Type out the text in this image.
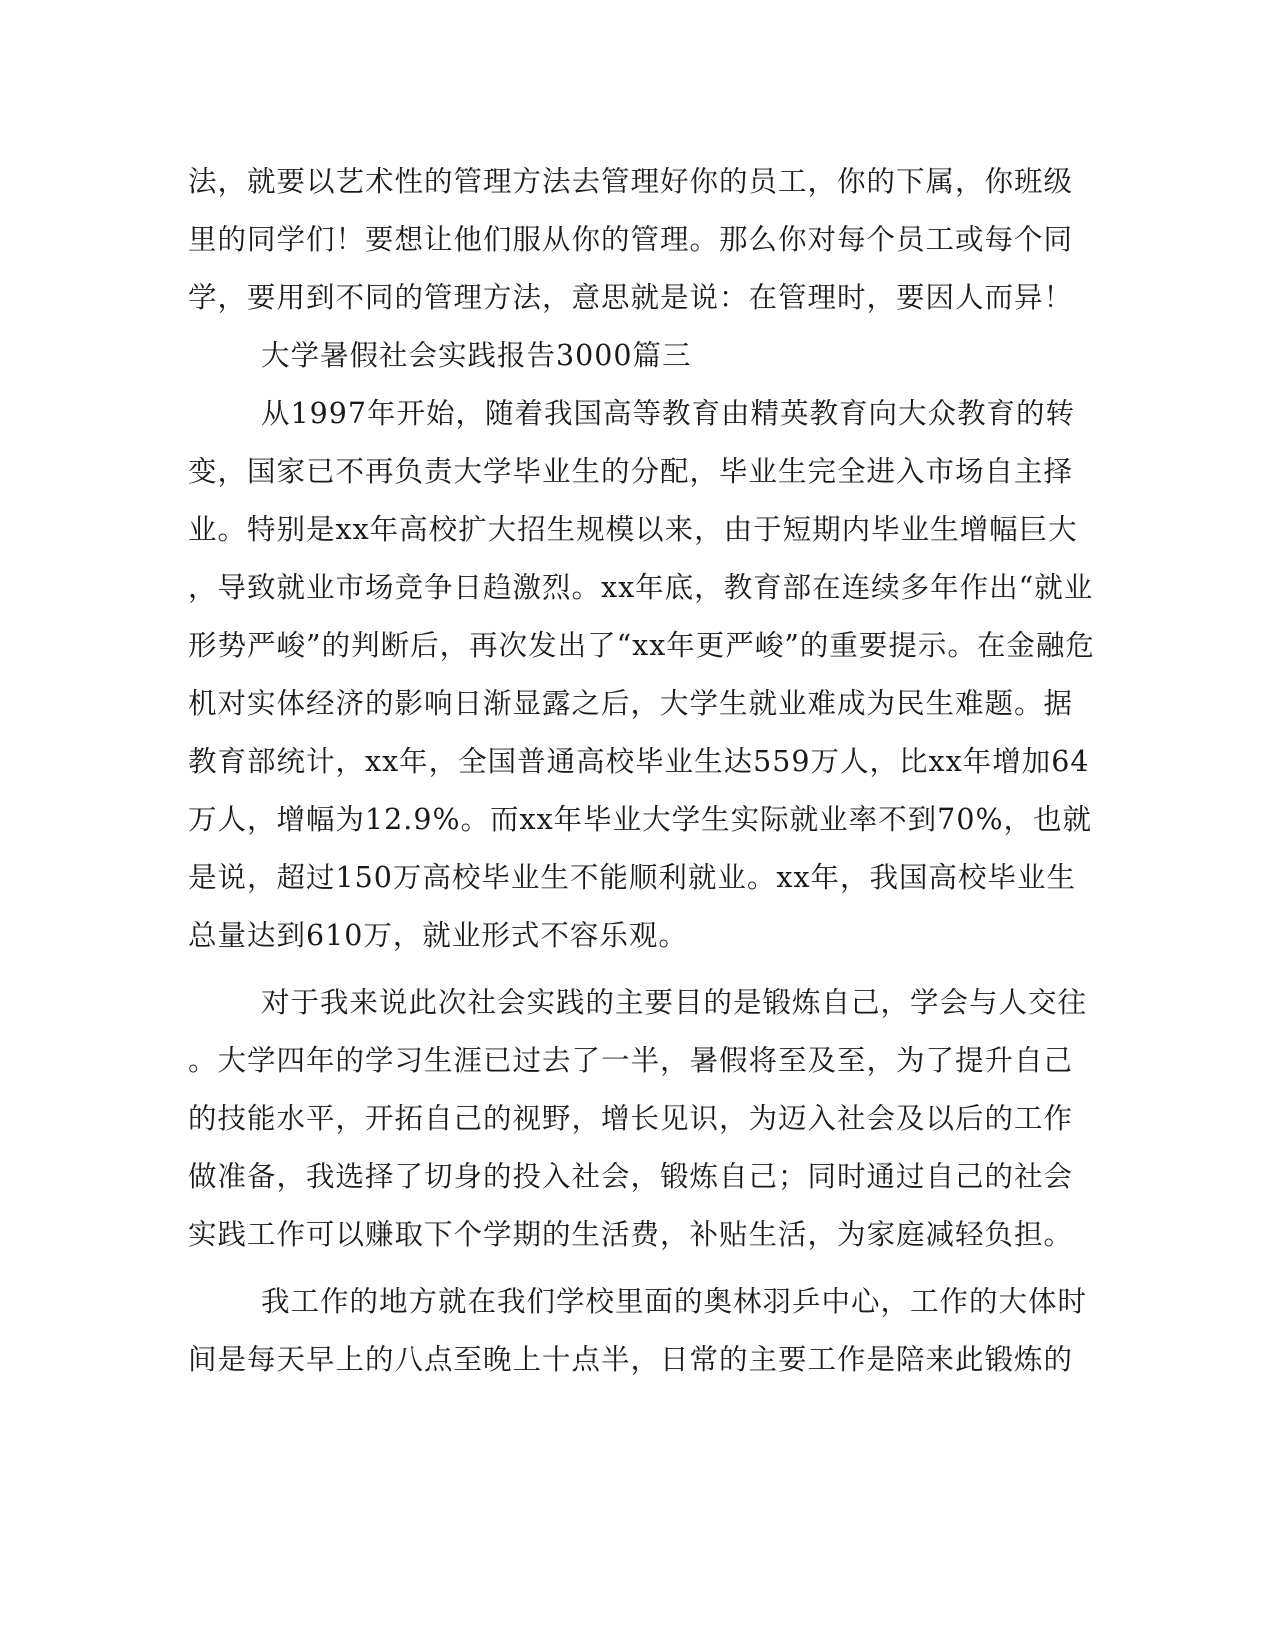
法，就要以艺术性的管理方法去管理好你的员工，你的下属，你班级
里的同学们！要想让他们服从你的管理。那么你对每个员工或每个同
学，要用到不同的管理方法，意思就是说：在管理时，要因人而异！
大学暑假社会实践报告3000篇三
从1997年开始，随着我国高等教育由精英教育向大众教育的转
变，国家已不再负责大学毕业生的分配，毕业生完全进入市场自主择
业。特别是xx年高校扩大招生规模以来，由于短期内毕业生增幅巨大
，导致就业市场竞争日趋激烈。xx年底，教育部在连续多年作出“就业
形势严峻”的判断后，再次发出了“xx年更严峻”的重要提示。在金融危
机对实体经济的影响日渐显露之后，大学生就业难成为民生难题。据
教育部统计，xx年，全国普通高校毕业生达559万人，比xx年增加64
万人，增幅为12.9%。而xx年毕业大学生实际就业率不到70%，也就
是说，超过150万高校毕业生不能顺利就业。xx年，我国高校毕业生
总量达到610万，就业形式不容乐观。
对于我来说此次社会实践的主要目的是锻炼自己，学会与人交往
。大学四年的学习生涯已过去了一半，暑假将至及至，为了提升自己
的技能水平，开拓自己的视野，增长见识，为迈入社会及以后的工作
做准备，我选择了切身的投入社会，锻炼自己；同时通过自己的社会
实践工作可以赚取下个学期的生活费，补贴生活，为家庭减轻负担。
我工作的地方就在我们学校里面的奥林羽乒中心，工作的大体时
间是每天早上的八点至晚上十点半，日常的主要工作是陪来此锻炼的
